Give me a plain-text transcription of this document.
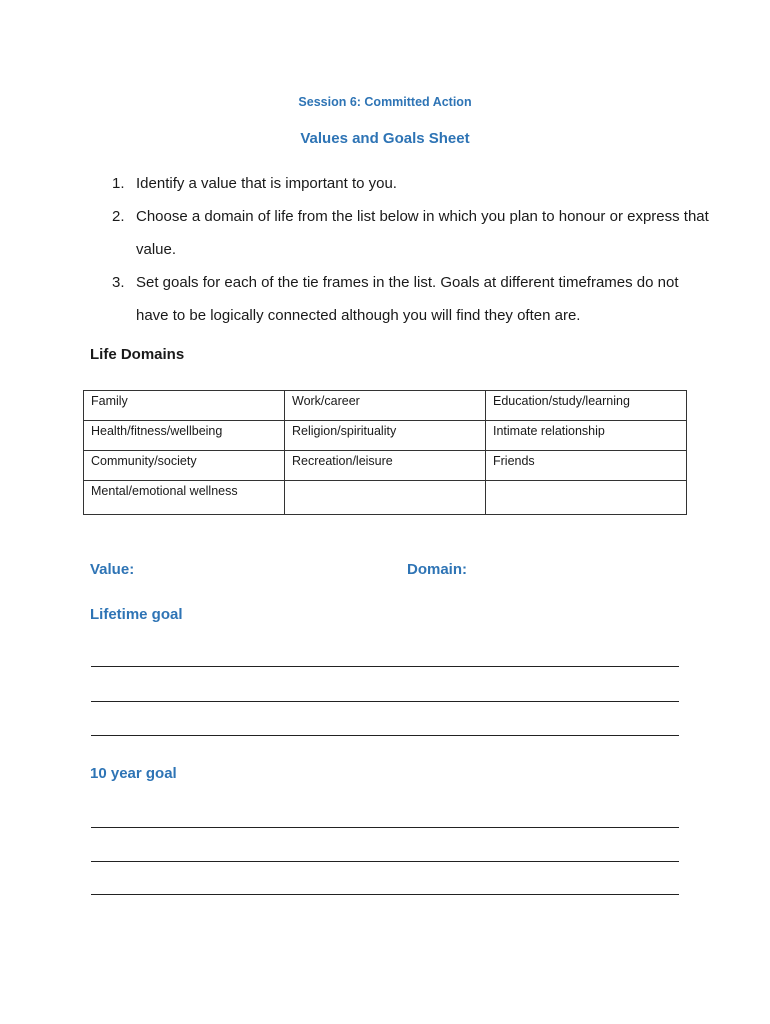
Session 6: Committed Action
Values and Goals Sheet
1. Identify a value that is important to you.
2. Choose a domain of life from the list below in which you plan to honour or express that value.
3. Set goals for each of the tie frames in the list. Goals at different timeframes do not have to be logically connected although you will find they often are.
Life Domains
Family	Work/career	Education/study/learning
Health/fitness/wellbeing	Religion/spirituality	Intimate relationship
Community/society	Recreation/leisure	Friends
Mental/emotional wellness		
Value:	Domain:
Lifetime goal
10 year goal
